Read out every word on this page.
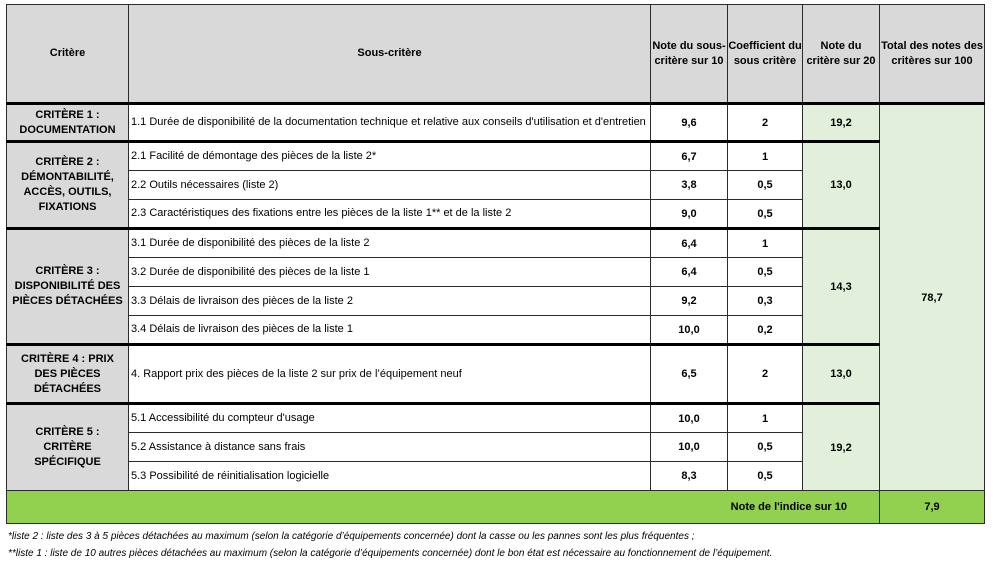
Critère	Sous-critère	Note du sous-critère sur 10	Coefficient du sous critère	Note du critère sur 20	Total des notes des critères sur 100
CRITÈRE 1 : DOCUMENTATION	1.1 Durée de disponibilité de la documentation technique et relative aux conseils d'utilisation et d'entretien	9,6	2	19,2	78,7
CRITÈRE 2 : DÉMONTABILITÉ, ACCÈS, OUTILS, FIXATIONS	2.1 Facilité de démontage des pièces de la liste 2*	6,7	1	13,0	
	2.2 Outils nécessaires (liste 2)	3,8	0,5		
	2.3 Caractéristiques des fixations entre les pièces de la liste 1** et de la liste 2	9,0	0,5		
CRITÈRE 3 : DISPONIBILITÉ DES PIÈCES DÉTACHÉES	3.1 Durée de disponibilité des pièces de la liste 2	6,4	1	14,3	
	3.2 Durée de disponibilité des pièces de la liste 1	6,4	0,5		
	3.3 Délais de livraison des pièces de la liste 2	9,2	0,3		
	3.4 Délais de livraison des pièces de la liste 1	10,0	0,2		
CRITÈRE 4 : PRIX DES PIÈCES DÉTACHÉES	4. Rapport prix des pièces de la liste 2 sur prix de l’équipement neuf	6,5	2	13,0	
CRITÈRE 5 : CRITÈRE SPÉCIFIQUE	5.1 Accessibilité du compteur d'usage	10,0	1	19,2	
	5.2 Assistance à distance sans frais	10,0	0,5		
	5.3 Possibilité de réinitialisation logicielle	8,3	0,5		
Note de l'indice sur 10					7,9
*liste 2 : liste des 3 à 5 pièces détachées au maximum (selon la catégorie d’équipements concernée) dont la casse ou les pannes sont les plus fréquentes ;
**liste 1 : liste de 10 autres pièces détachées au maximum (selon la catégorie d’équipements concernée) dont le bon état est nécessaire au fonctionnement de l’équipement.
